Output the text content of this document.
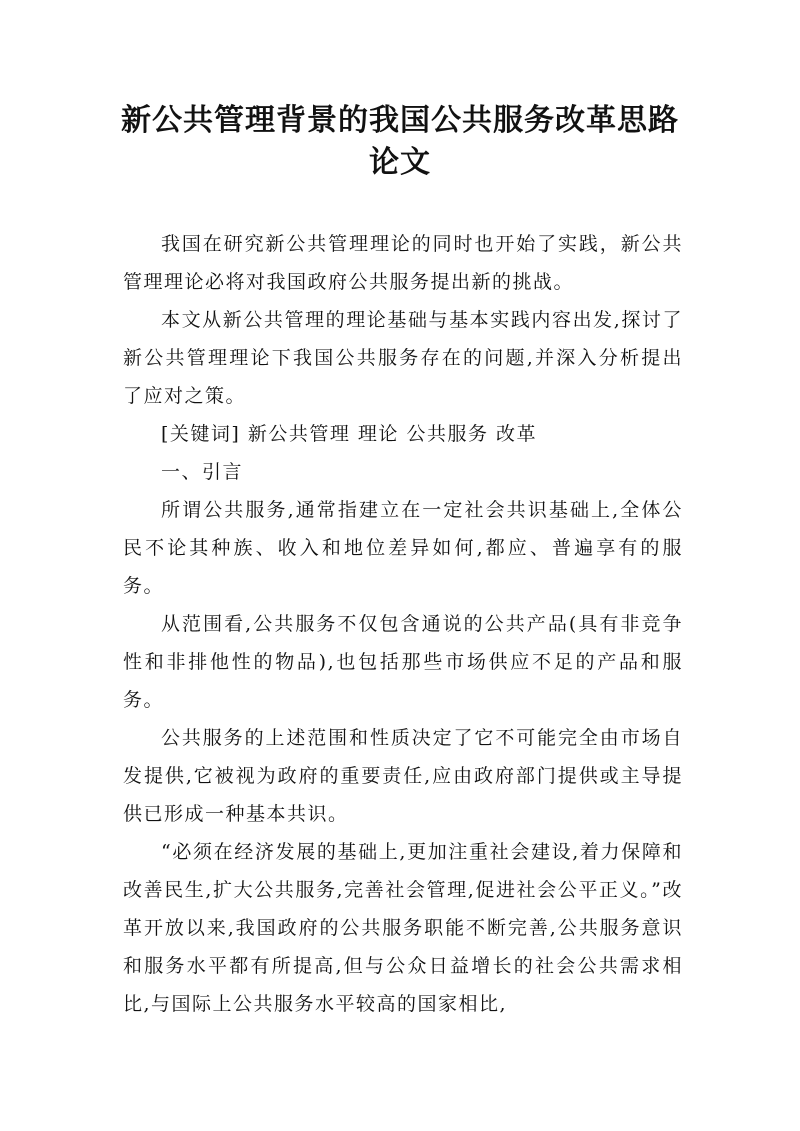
新公共管理背景的我国公共服务改革思路
论文

我国在研究新公共管理理论的同时也开始了实践，新公共管理理论必将对我国政府公共服务提出新的挑战。

本文从新公共管理的理论基础与基本实践内容出发,探讨了新公共管理理论下我国公共服务存在的问题,并深入分析提出了应对之策。

[关键词] 新公共管理 理论 公共服务 改革

一、引言

所谓公共服务,通常指建立在一定社会共识基础上,全体公民不论其种族、收入和地位差异如何,都应、普遍享有的服务。

从范围看,公共服务不仅包含通说的公共产品(具有非竞争性和非排他性的物品),也包括那些市场供应不足的产品和服务。

公共服务的上述范围和性质决定了它不可能完全由市场自发提供,它被视为政府的重要责任,应由政府部门提供或主导提供已形成一种基本共识。

“必须在经济发展的基础上,更加注重社会建设,着力保障和改善民生,扩大公共服务,完善社会管理,促进社会公平正义。”改革开放以来,我国政府的公共服务职能不断完善,公共服务意识和服务水平都有所提高,但与公众日益增长的社会公共需求相比,与国际上公共服务水平较高的国家相比,
